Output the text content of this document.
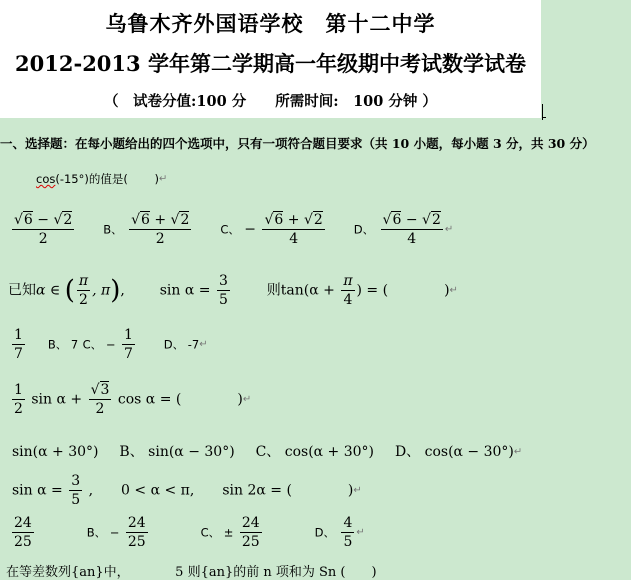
乌鲁木齐外国语学校　第十二中学
2012-2013 学年第二学期高一年级期中考试数学试卷
（　试卷分值:100 分　　所需时间:　100 分钟 ）
一、选择题：在每小题给出的四个选项中，只有一项符合题目要求（共 10 小题，每小题 3 分，共 30 分）
cos(-15°)的值是(　　 )↵
$\frac{√6 - √2}{2}$	B、 $\frac{√6 + √2}{2}$	C、 − $\frac{√6 + √2}{4}$	D、 $\frac{√6 - √2}{4}$ ↵
已知α ∈ ( $\frac{\pi}{2}$ , π),  $\sin \alpha = \frac{3}{5}$	则$\tan(\alpha + \frac{\pi}{4}$ ) = (　　　　)↵
$\frac{1}{7}$ B、 7 C、 − $\frac{1}{7}$	D、 -7↵
$\frac{1}{2}$ $\sin \alpha + \frac{√3}{2}$ cos α = (　　　　)↵
sin(α + 30°) B、 sin(α − 30°) C、 cos(α + 30°) D、 cos(α − 30°)↵
$\sin \alpha = \frac{3}{5}$ ,　　0 < α < π,　　sin 2α = (　　　　)↵
$\frac{24}{25}$	B、 − $\frac{24}{25}$	C、 ± $\frac{24}{25}$	D、 $\frac{4}{5}$ ↵
在等差数列{an}中，　　　　5 则{an}的前 n 项和为 Sn (　　)
